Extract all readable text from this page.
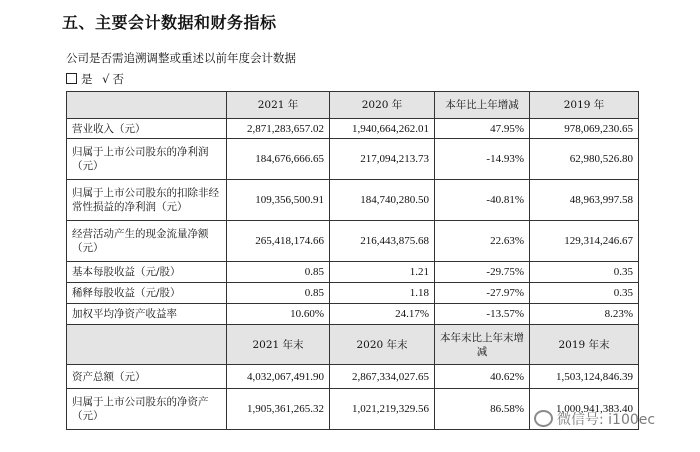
五、主要会计数据和财务指标
公司是否需追溯调整或重述以前年度会计数据
是 √ 否
	2021 年	2020 年	本年比上年增减	2019 年
营业收入（元）	2,871,283,657.02	1,940,664,262.01	47.95%	978,069,230.65
归属于上市公司股东的净利润（元）	184,676,666.65	217,094,213.73	-14.93%	62,980,526.80
归属于上市公司股东的扣除非经常性损益的净利润（元）	109,356,500.91	184,740,280.50	-40.81%	48,963,997.58
经营活动产生的现金流量净额（元）	265,418,174.66	216,443,875.68	22.63%	129,314,246.67
基本每股收益（元/股）	0.85	1.21	-29.75%	0.35
稀释每股收益（元/股）	0.85	1.18	-27.97%	0.35
加权平均净资产收益率	10.60%	24.17%	-13.57%	8.23%
	2021 年末	2020 年末	本年末比上年末增减	2019 年末
资产总额（元）	4,032,067,491.90	2,867,334,027.65	40.62%	1,503,124,846.39
归属于上市公司股东的净资产（元）	1,905,361,265.32	1,021,219,329.56	86.58%	1,000,941,383.40
微信号: i100ec
